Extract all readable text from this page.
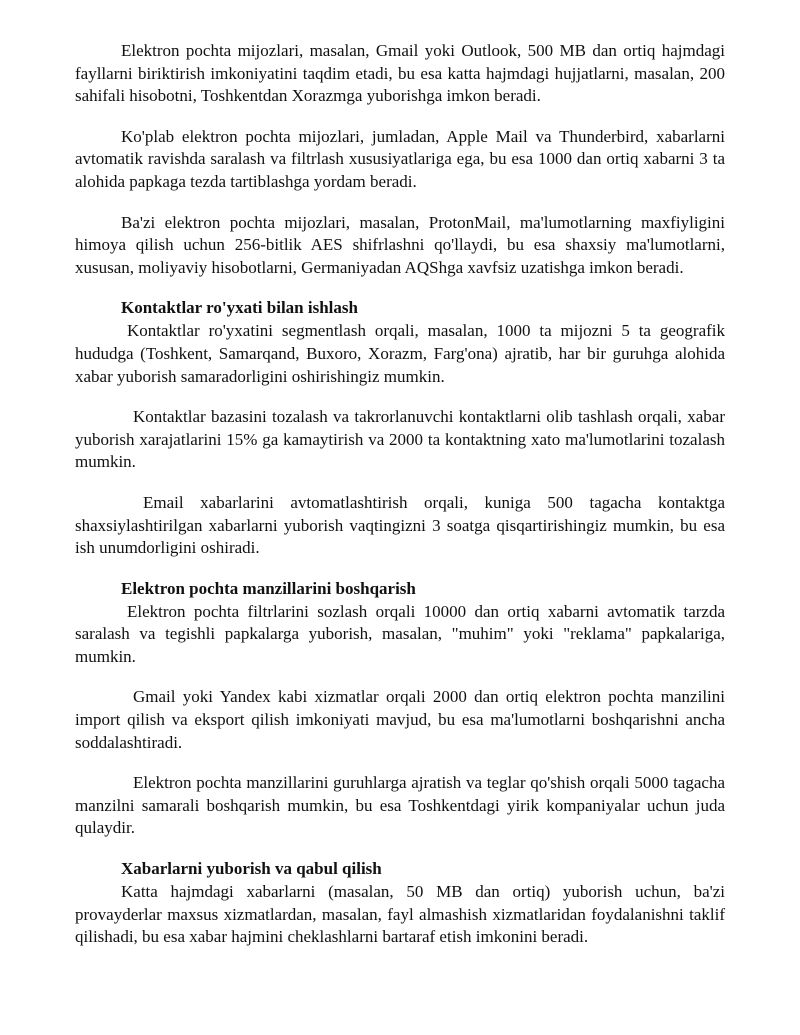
Elektron pochta mijozlari, masalan, Gmail yoki Outlook, 500 MB dan ortiq hajmdagi fayllarni biriktirish imkoniyatini taqdim etadi, bu esa katta hajmdagi hujjatlarni, masalan, 200 sahifali hisobotni, Toshkentdan Xorazmga yuborishga imkon beradi.

Ko'plab elektron pochta mijozlari, jumladan, Apple Mail va Thunderbird, xabarlarni avtomatik ravishda saralash va filtrlash xususiyatlariga ega, bu esa 1000 dan ortiq xabarni 3 ta alohida papkaga tezda tartiblashga yordam beradi.

Ba'zi elektron pochta mijozlari, masalan, ProtonMail, ma'lumotlarning maxfiyligini himoya qilish uchun 256-bitlik AES shifrlashni qo'llaydi, bu esa shaxsiy ma'lumotlarni, xususan, moliyaviy hisobotlarni, Germaniyadan AQShga xavfsiz uzatishga imkon beradi.

Kontaktlar ro'yxati bilan ishlash

Kontaktlar ro'yxatini segmentlash orqali, masalan, 1000 ta mijozni 5 ta geografik hududga (Toshkent, Samarqand, Buxoro, Xorazm, Farg'ona) ajratib, har bir guruhga alohida xabar yuborish samaradorligini oshirishingiz mumkin.

Kontaktlar bazasini tozalash va takrorlanuvchi kontaktlarni olib tashlash orqali, xabar yuborish xarajatlarini 15% ga kamaytirish va 2000 ta kontaktning xato ma'lumotlarini tozalash mumkin.

Email xabarlarini avtomatlashtirish orqali, kuniga 500 tagacha kontaktga shaxsiylashtirilgan xabarlarni yuborish vaqtingizni 3 soatga qisqartirishingiz mumkin, bu esa ish unumdorligini oshiradi.

Elektron pochta manzillarini boshqarish

Elektron pochta filtrlarini sozlash orqali 10000 dan ortiq xabarni avtomatik tarzda saralash va tegishli papkalarga yuborish, masalan, "muhim" yoki "reklama" papkalariga, mumkin.

Gmail yoki Yandex kabi xizmatlar orqali 2000 dan ortiq elektron pochta manzilini import qilish va eksport qilish imkoniyati mavjud, bu esa ma'lumotlarni boshqarishni ancha soddalashtiradi.

Elektron pochta manzillarini guruhlarga ajratish va teglar qo'shish orqali 5000 tagacha manzilni samarali boshqarish mumkin, bu esa Toshkentdagi yirik kompaniyalar uchun juda qulaydir.

Xabarlarni yuborish va qabul qilish

Katta hajmdagi xabarlarni (masalan, 50 MB dan ortiq) yuborish uchun, ba'zi provayderlar maxsus xizmatlardan, masalan, fayl almashish xizmatlaridan foydalanishni taklif qilishadi, bu esa xabar hajmini cheklashlarni bartaraf etish imkonini beradi.
